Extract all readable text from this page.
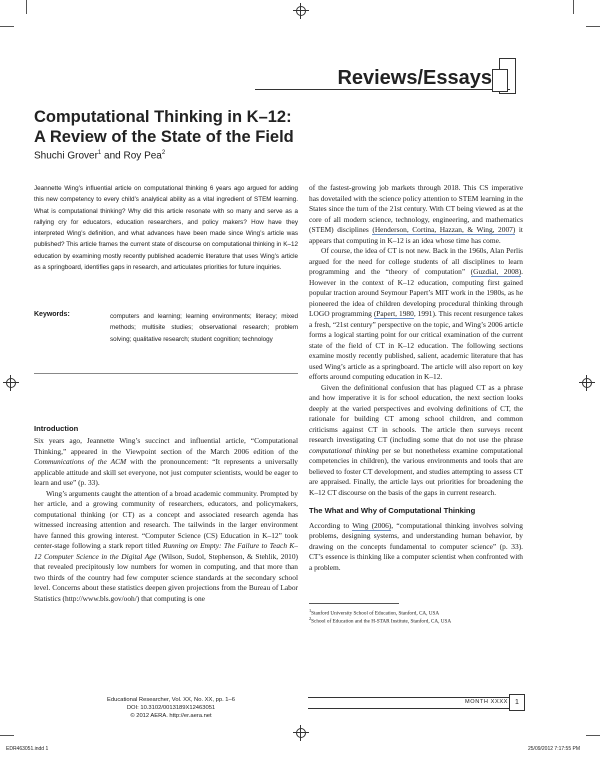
Reviews/Essays
Computational Thinking in K–12:
A Review of the State of the Field
Shuchi Grover$^1$ and Roy Pea$^2$
Jeannette Wing’s influential article on computational thinking 6 years ago argued for adding this new competency to every child’s analytical ability as a vital ingredient of STEM learning. What is computational thinking? Why did this article resonate with so many and serve as a rallying cry for educators, education researchers, and policy makers? How have they interpreted Wing’s definition, and what advances have been made since Wing’s article was published? This article frames the current state of discourse on computational thinking in K–12 education by examining mostly recently published academic literature that uses Wing’s article as a springboard, identifies gaps in research, and articulates priorities for future inquiries.
Keywords:	computers and learning; learning environments; literacy; mixed methods; multisite studies; observational research; problem solving; qualitative research; student cognition; technology
Introduction

Six years ago, Jeannette Wing’s succinct and influential article, “Computational Thinking,” appeared in the Viewpoint section of the March 2006 edition of the Communications of the ACM with the pronouncement: “It represents a universally applicable attitude and skill set everyone, not just computer scientists, would be eager to learn and use” (p. 33).

Wing’s arguments caught the attention of a broad academic community. Prompted by her article, and a growing community of researchers, educators, and policymakers, computational thinking (or CT) as a concept and associated research agenda has witnessed increasing attention and research. The tailwinds in the larger environment have fanned this growing interest. “Computer Science (CS) Education in K–12” took center-stage following a stark report titled Running on Empty: The Failure to Teach K–12 Computer Science in the Digital Age (Wilson, Sudol, Stephenson, & Stehlik, 2010) that revealed precipitously low numbers for women in computing, and that more than two thirds of the country had few computer science standards at the secondary school level. Concerns about these statistics deepen given projections from the Bureau of Labor Statistics (http://www.bls.gov/ooh/) that computing is one

of the fastest-growing job markets through 2018. This CS imperative has dovetailed with the science policy attention to STEM learning in the States since the turn of the 21st century. With CT being viewed as at the core of all modern science, technology, engineering, and mathematics (STEM) disciplines (Henderson, Cortina, Hazzan, & Wing, 2007) it appears that computing in K–12 is an idea whose time has come.

Of course, the idea of CT is not new. Back in the 1960s, Alan Perlis argued for the need for college students of all disciplines to learn programming and the “theory of computation” (Guzdial, 2008). However in the context of K–12 education, computing first gained popular traction around Seymour Papert’s MIT work in the 1980s, as he pioneered the idea of children developing procedural thinking through LOGO programming (Papert, 1980, 1991). This recent resurgence takes a fresh, “21st century” perspective on the topic, and Wing’s 2006 article forms a logical starting point for our critical examination of the current state of the field of CT in K–12 education. The following sections examine mostly recently published, salient, academic literature that has used Wing’s article as a springboard. The article will also report on key efforts around computing education in K–12.

Given the definitional confusion that has plagued CT as a phrase and how imperative it is for school education, the next section looks deeply at the varied perspectives and evolving definitions of CT, the rationale for building CT among school children, and common criticisms against CT in schools. The article then surveys recent research investigating CT (including some that do not use the phrase computational thinking per se but nonetheless examine computational competencies in children), the various environments and tools that are believed to foster CT development, and studies attempting to assess CT are appraised. Finally, the article lays out priorities for broadening the K–12 CT discourse on the basis of the gaps in current research.

The What and Why of Computational Thinking

According to Wing (2006), “computational thinking involves solving problems, designing systems, and understanding human behavior, by drawing on the concepts fundamental to computer science” (p. 33). CT’s essence is thinking like a computer scientist when confronted with a problem.

$^1$Stanford University School of Education, Stanford, CA, USA
$^2$School of Education and the H-STAR Institute, Stanford, CA, USA
Educational Researcher, Vol. XX, No. XX, pp. 1–6
DOI: 10.3102/0013189X12463051
© 2012 AERA. http://er.aera.net
MONTH XXXX	1
EDR463051.indd 1	25/09/2012 7:17:55 PM
